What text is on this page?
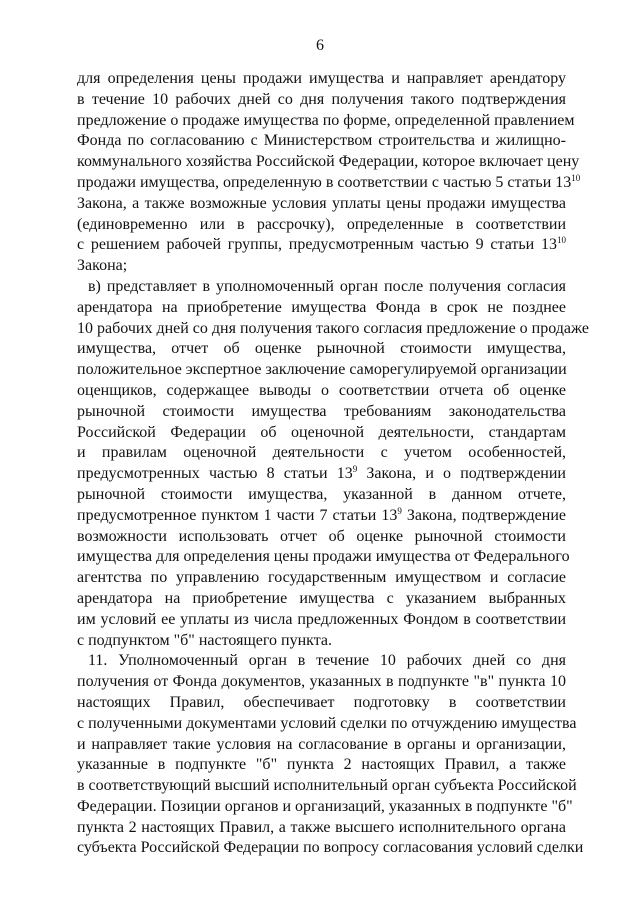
6
для определения цены продажи имущества и направляет арендатору
в течение 10 рабочих дней со дня получения такого подтверждения
предложение о продаже имущества по форме, определенной правлением
Фонда по согласованию с Министерством строительства и жилищно-
коммунального хозяйства Российской Федерации, которое включает цену
продажи имущества, определенную в соответствии с частью 5 статьи $13^{10}$
Закона, а также возможные условия уплаты цены продажи имущества
(единовременно или в рассрочку), определенные в соответствии
с решением рабочей группы, предусмотренным частью 9 статьи $13^{10}$
Закона;
в) представляет в уполномоченный орган после получения согласия
арендатора на приобретение имущества Фонда в срок не позднее
10 рабочих дней со дня получения такого согласия предложение о продаже
имущества, отчет об оценке рыночной стоимости имущества,
положительное экспертное заключение саморегулируемой организации
оценщиков, содержащее выводы о соответствии отчета об оценке
рыночной стоимости имущества требованиям законодательства
Российской Федерации об оценочной деятельности, стандартам
и правилам оценочной деятельности с учетом особенностей,
предусмотренных частью 8 статьи $13^9$ Закона, и о подтверждении
рыночной стоимости имущества, указанной в данном отчете,
предусмотренное пунктом 1 части 7 статьи $13^9$ Закона, подтверждение
возможности использовать отчет об оценке рыночной стоимости
имущества для определения цены продажи имущества от Федерального
агентства по управлению государственным имуществом и согласие
арендатора на приобретение имущества с указанием выбранных
им условий ее уплаты из числа предложенных Фондом в соответствии
с подпунктом "б" настоящего пункта.
11. Уполномоченный орган в течение 10 рабочих дней со дня
получения от Фонда документов, указанных в подпункте "в" пункта 10
настоящих Правил, обеспечивает подготовку в соответствии
с полученными документами условий сделки по отчуждению имущества
и направляет такие условия на согласование в органы и организации,
указанные в подпункте "б" пункта 2 настоящих Правил, а также
в соответствующий высший исполнительный орган субъекта Российской
Федерации. Позиции органов и организаций, указанных в подпункте "б"
пункта 2 настоящих Правил, а также высшего исполнительного органа
субъекта Российской Федерации по вопросу согласования условий сделки
